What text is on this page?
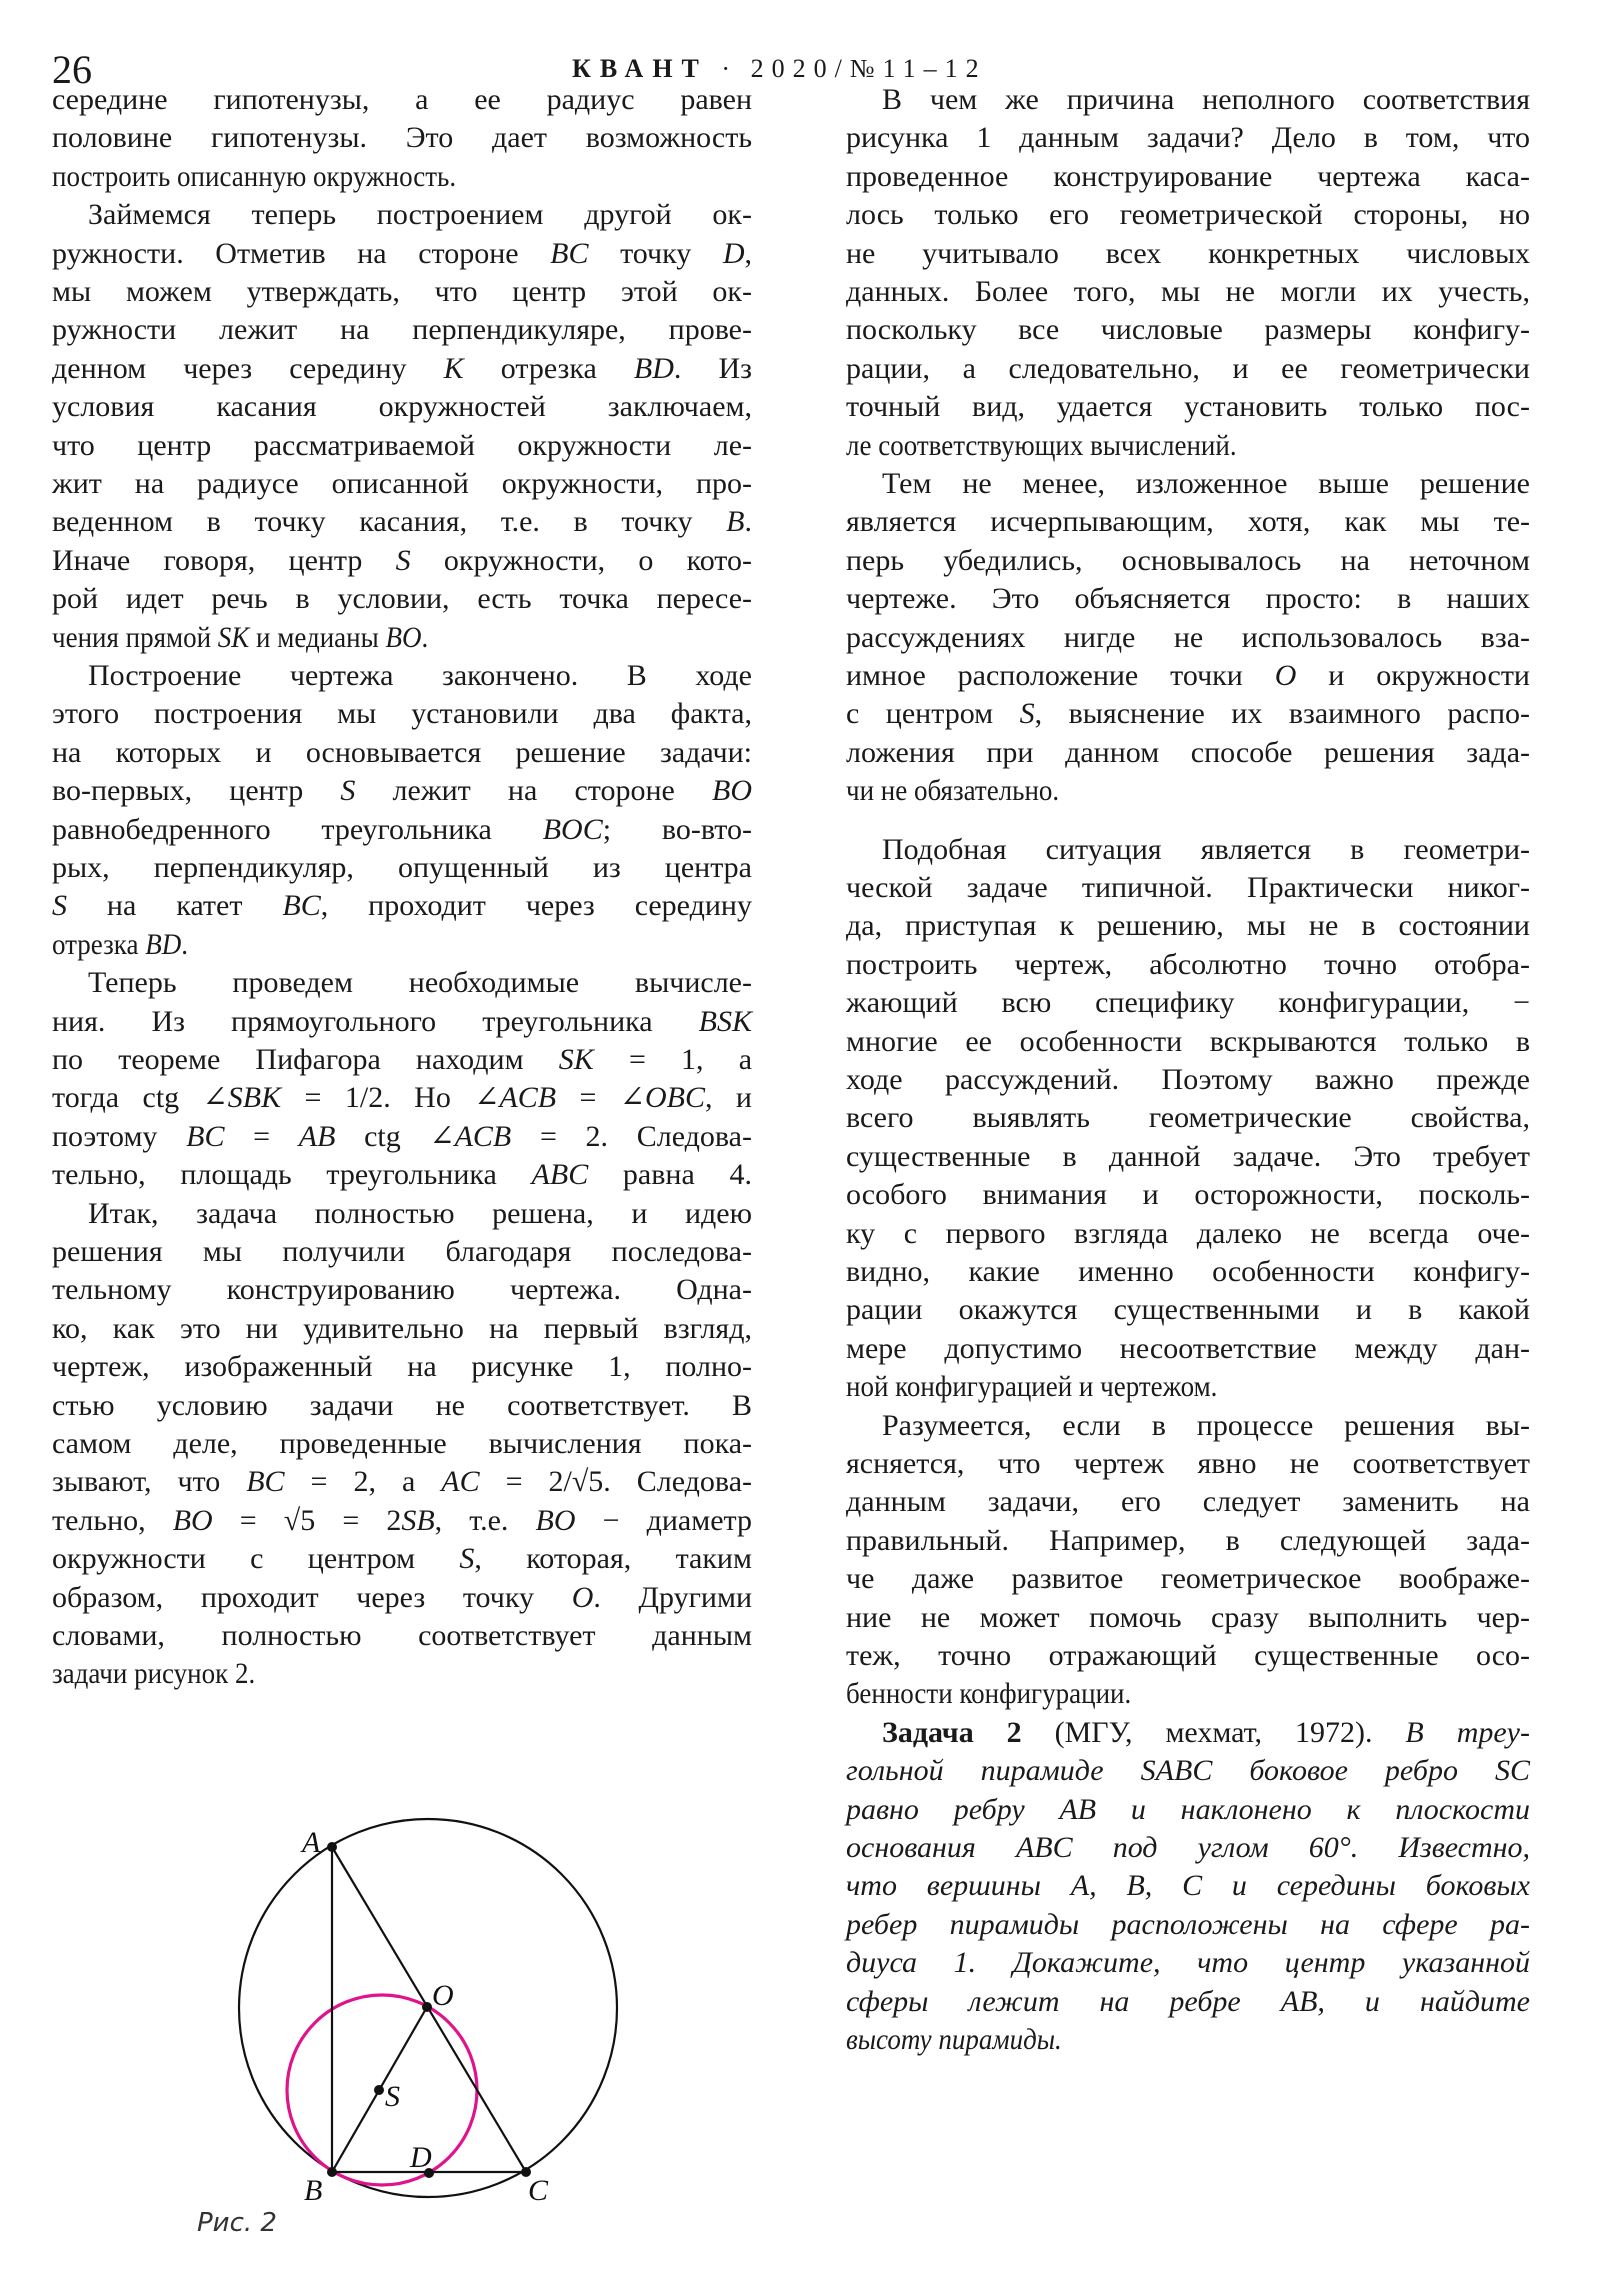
26	КВАНТ · 2020/№11–12
середине гипотенузы, а ее радиус равен
половине гипотенузы. Это дает возможность
построить описанную окружность.
Займемся теперь построением другой ок-
ружности. Отметив на стороне BC точку D,
мы можем утверждать, что центр этой ок-
ружности лежит на перпендикуляре, прове-
денном через середину K отрезка BD. Из
условия касания окружностей заключаем,
что центр рассматриваемой окружности ле-
жит на радиусе описанной окружности, про-
веденном в точку касания, т.е. в точку B.
Иначе говоря, центр S окружности, о кото-
рой идет речь в условии, есть точка пересе-
чения прямой SK и медианы BO.
Построение чертежа закончено. В ходе
этого построения мы установили два факта,
на которых и основывается решение задачи:
во-первых, центр S лежит на стороне BO
равнобедренного треугольника BOC; во-вто-
рых, перпендикуляр, опущенный из центра
S на катет BC, проходит через середину
отрезка BD.
Теперь проведем необходимые вычисле-
ния. Из прямоугольного треугольника BSK
по теореме Пифагора находим SK = 1, а
тогда ctg ∠SBK = 1/2. Но ∠ACB = ∠OBC, и
поэтому BC = AB ctg ∠ACB = 2. Следова-
тельно, площадь треугольника ABC равна 4.
Итак, задача полностью решена, и идею
решения мы получили благодаря последова-
тельному конструированию чертежа. Одна-
ко, как это ни удивительно на первый взгляд,
чертеж, изображенный на рисунке 1, полно-
стью условию задачи не соответствует. В
самом деле, проведенные вычисления пока-
зывают, что BC = 2, а AC = 2/√5. Следова-
тельно, BO = √5 = 2SB, т.е. BO − диаметр
окружности с центром S, которая, таким
образом, проходит через точку O. Другими
словами, полностью соответствует данным
задачи рисунок 2.
В чем же причина неполного соответствия
рисунка 1 данным задачи? Дело в том, что
проведенное конструирование чертежа каса-
лось только его геометрической стороны, но
не учитывало всех конкретных числовых
данных. Более того, мы не могли их учесть,
поскольку все числовые размеры конфигу-
рации, а следовательно, и ее геометрически
точный вид, удается установить только пос-
ле соответствующих вычислений.
Тем не менее, изложенное выше решение
является исчерпывающим, хотя, как мы те-
перь убедились, основывалось на неточном
чертеже. Это объясняется просто: в наших
рассуждениях нигде не использовалось вза-
имное расположение точки O и окружности
с центром S, выяснение их взаимного распо-
ложения при данном способе решения зада-
чи не обязательно.
Подобная ситуация является в геометри-
ческой задаче типичной. Практически никог-
да, приступая к решению, мы не в состоянии
построить чертеж, абсолютно точно отобра-
жающий всю специфику конфигурации, −
многие ее особенности вскрываются только в
ходе рассуждений. Поэтому важно прежде
всего выявлять геометрические свойства,
существенные в данной задаче. Это требует
особого внимания и осторожности, посколь-
ку с первого взгляда далеко не всегда оче-
видно, какие именно особенности конфигу-
рации окажутся существенными и в какой
мере допустимо несоответствие между дан-
ной конфигурацией и чертежом.
Разумеется, если в процессе решения вы-
ясняется, что чертеж явно не соответствует
данным задачи, его следует заменить на
правильный. Например, в следующей зада-
че даже развитое геометрическое воображе-
ние не может помочь сразу выполнить чер-
теж, точно отражающий существенные осо-
бенности конфигурации.
Задача 2 (МГУ, мехмат, 1972). В треу-
гольной пирамиде SABC боковое ребро SC
равно ребру AB и наклонено к плоскости
основания ABC под углом 60°. Известно,
что вершины A, B, C и середины боковых
ребер пирамиды расположены на сфере ра-
диуса 1. Докажите, что центр указанной
сферы лежит на ребре AB, и найдите
высоту пирамиды.
A
B	C
O
S
D
Рис. 2
